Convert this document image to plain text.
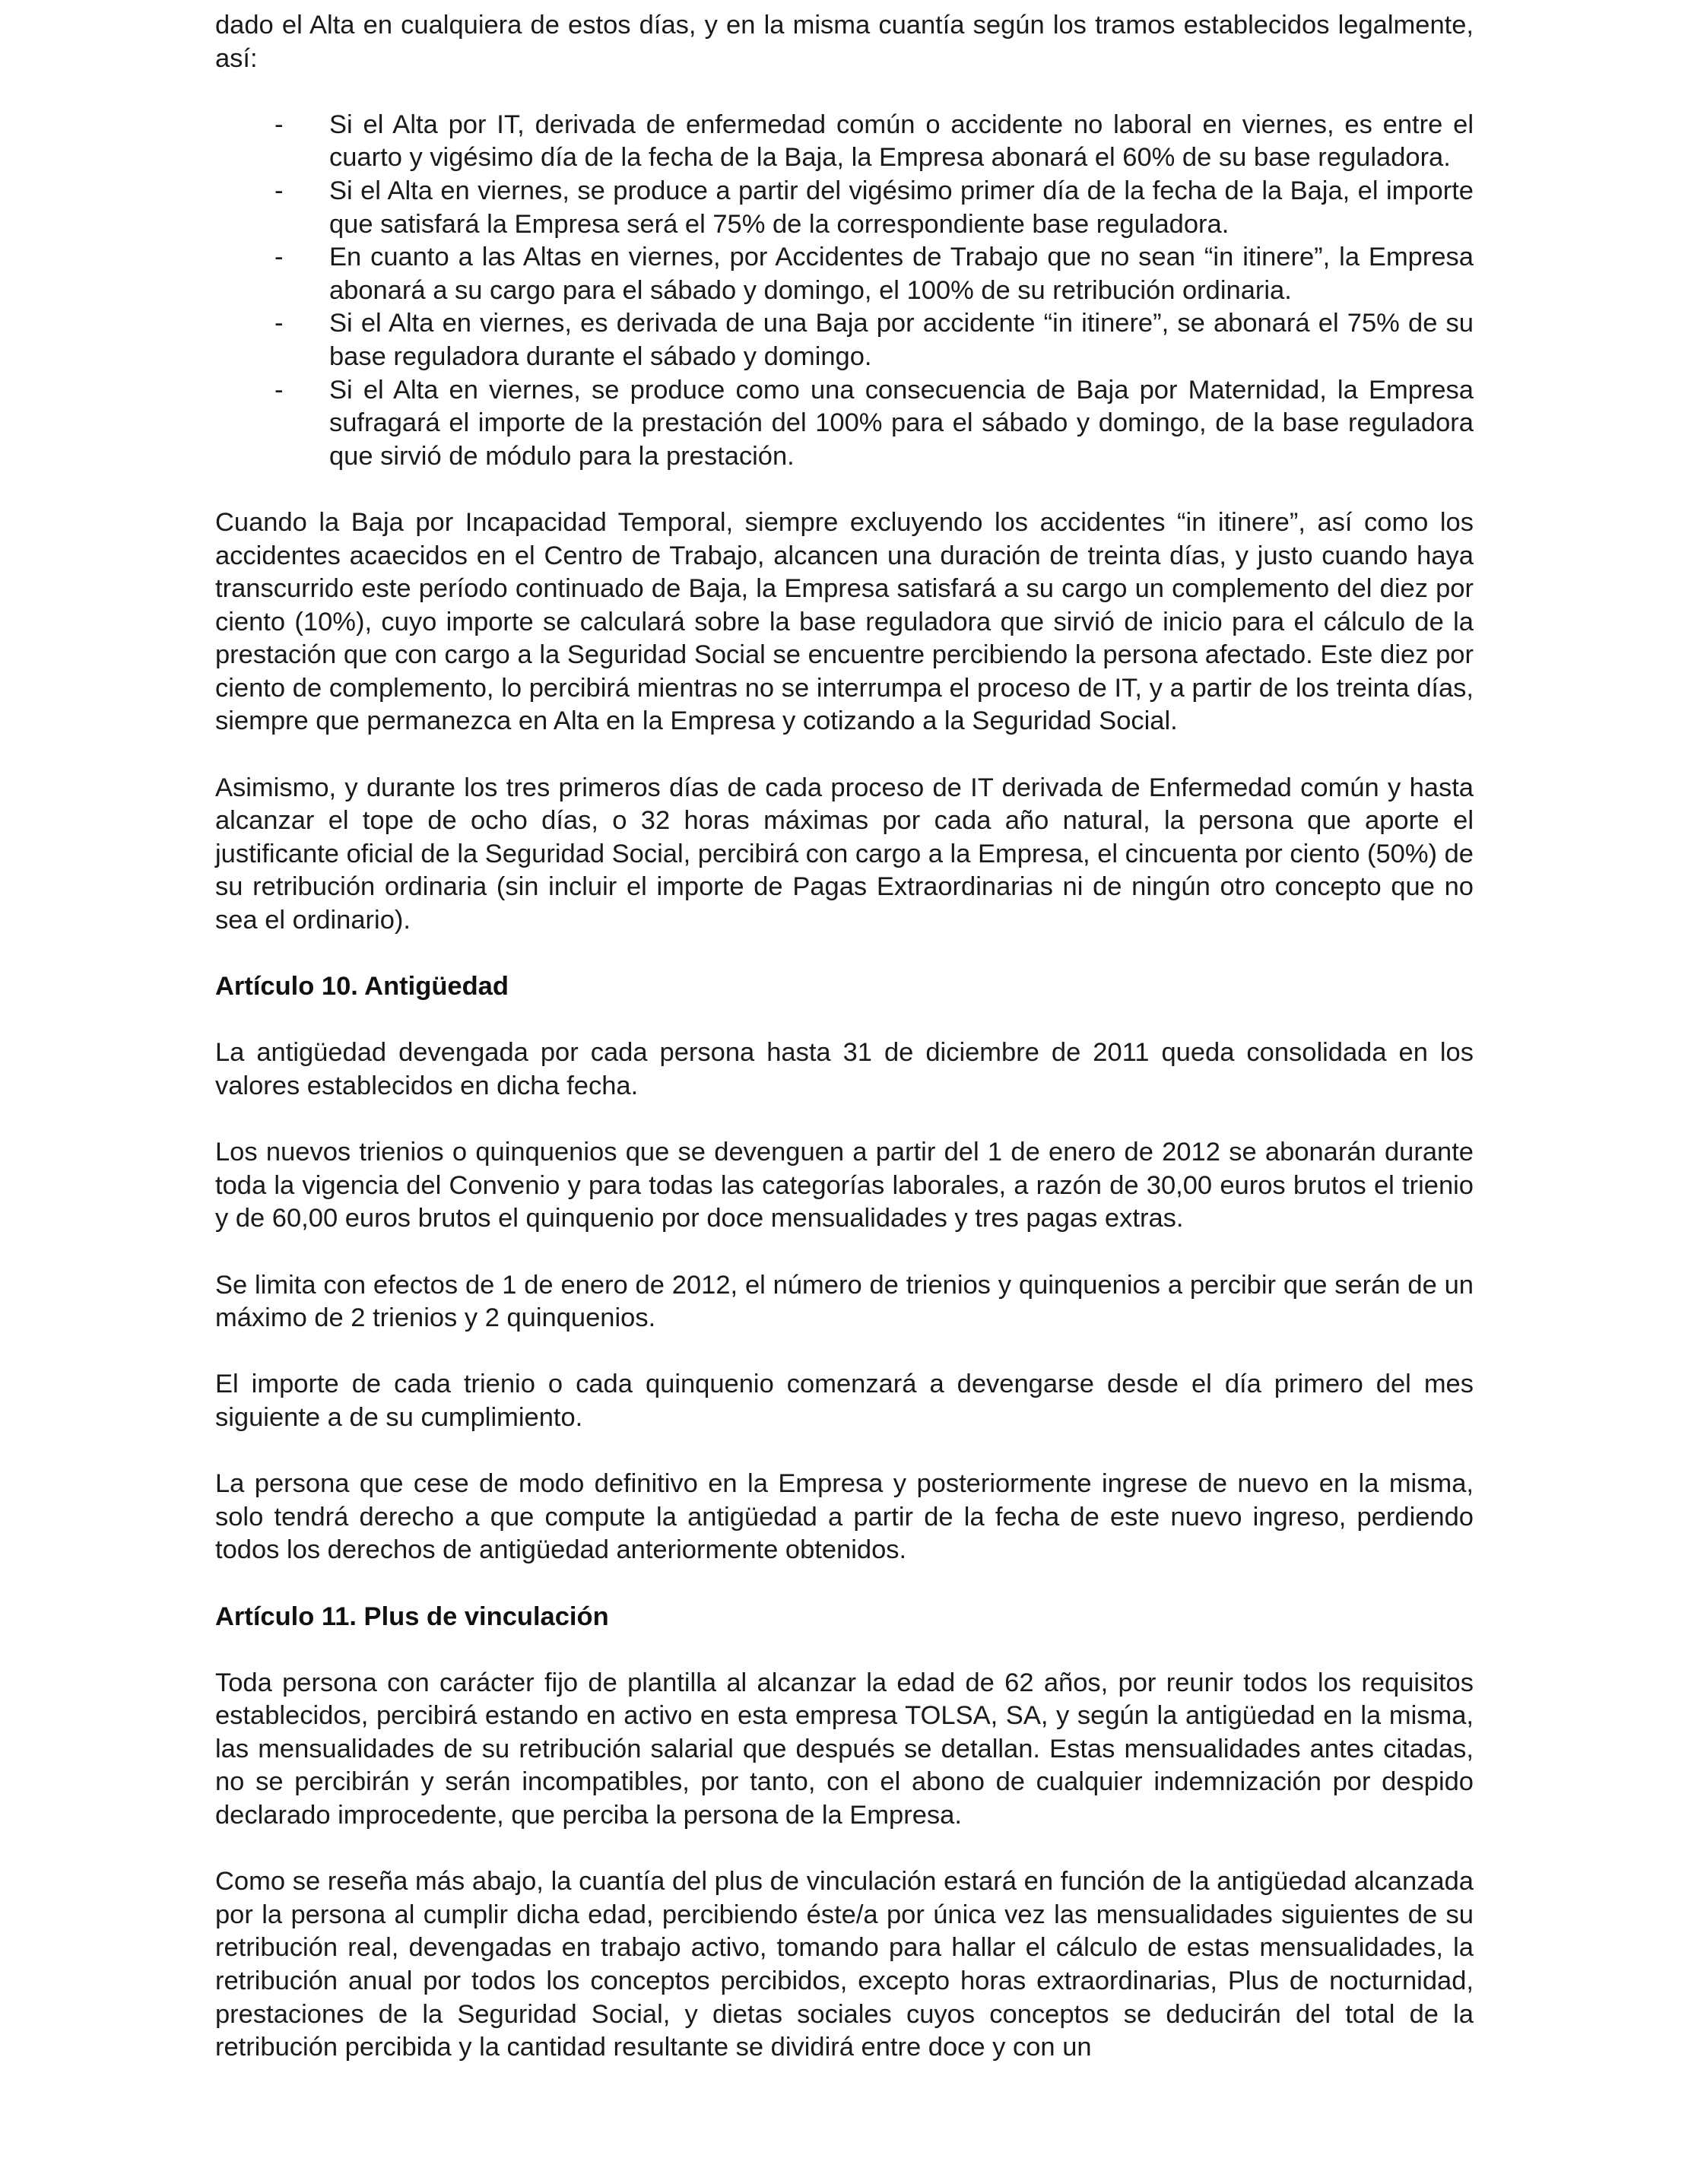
dado el Alta en cualquiera de estos días, y en la misma cuantía según los tramos establecidos legalmente, así:

- Si el Alta por IT, derivada de enfermedad común o accidente no laboral en viernes, es entre el cuarto y vigésimo día de la fecha de la Baja, la Empresa abonará el 60% de su base reguladora.
- Si el Alta en viernes, se produce a partir del vigésimo primer día de la fecha de la Baja, el importe que satisfará la Empresa será el 75% de la correspondiente base reguladora.
- En cuanto a las Altas en viernes, por Accidentes de Trabajo que no sean “in itinere”, la Empresa abonará a su cargo para el sábado y domingo, el 100% de su retribución ordinaria.
- Si el Alta en viernes, es derivada de una Baja por accidente “in itinere”, se abonará el 75% de su base reguladora durante el sábado y domingo.
- Si el Alta en viernes, se produce como una consecuencia de Baja por Maternidad, la Empresa sufragará el importe de la prestación del 100% para el sábado y domingo, de la base reguladora que sirvió de módulo para la prestación.

Cuando la Baja por Incapacidad Temporal, siempre excluyendo los accidentes “in itinere”, así como los accidentes acaecidos en el Centro de Trabajo, alcancen una duración de treinta días, y justo cuando haya transcurrido este período continuado de Baja, la Empresa satisfará a su cargo un complemento del diez por ciento (10%), cuyo importe se calculará sobre la base reguladora que sirvió de inicio para el cálculo de la prestación que con cargo a la Seguridad Social se encuentre percibiendo la persona afectado. Este diez por ciento de complemento, lo percibirá mientras no se interrumpa el proceso de IT, y a partir de los treinta días, siempre que permanezca en Alta en la Empresa y cotizando a la Seguridad Social.

Asimismo, y durante los tres primeros días de cada proceso de IT derivada de Enfermedad común y hasta alcanzar el tope de ocho días, o 32 horas máximas por cada año natural, la persona que aporte el justificante oficial de la Seguridad Social, percibirá con cargo a la Empresa, el cincuenta por ciento (50%) de su retribución ordinaria (sin incluir el importe de Pagas Extraordinarias ni de ningún otro concepto que no sea el ordinario).

Artículo 10. Antigüedad

La antigüedad devengada por cada persona hasta 31 de diciembre de 2011 queda consolidada en los valores establecidos en dicha fecha.

Los nuevos trienios o quinquenios que se devenguen a partir del 1 de enero de 2012 se abonarán durante toda la vigencia del Convenio y para todas las categorías laborales, a razón de 30,00 euros brutos el trienio y de 60,00 euros brutos el quinquenio por doce mensualidades y tres pagas extras.

Se limita con efectos de 1 de enero de 2012, el número de trienios y quinquenios a percibir que serán de un máximo de 2 trienios y 2 quinquenios.

El importe de cada trienio o cada quinquenio comenzará a devengarse desde el día primero del mes siguiente a de su cumplimiento.

La persona que cese de modo definitivo en la Empresa y posteriormente ingrese de nuevo en la misma, solo tendrá derecho a que compute la antigüedad a partir de la fecha de este nuevo ingreso, perdiendo todos los derechos de antigüedad anteriormente obtenidos.

Artículo 11. Plus de vinculación

Toda persona con carácter fijo de plantilla al alcanzar la edad de 62 años, por reunir todos los requisitos establecidos, percibirá estando en activo en esta empresa TOLSA, SA, y según la antigüedad en la misma, las mensualidades de su retribución salarial que después se detallan. Estas mensualidades antes citadas, no se percibirán y serán incompatibles, por tanto, con el abono de cualquier indemnización por despido declarado improcedente, que perciba la persona de la Empresa.

Como se reseña más abajo, la cuantía del plus de vinculación estará en función de la antigüedad alcanzada por la persona al cumplir dicha edad, percibiendo éste/a por única vez las mensualidades siguientes de su retribución real, devengadas en trabajo activo, tomando para hallar el cálculo de estas mensualidades, la retribución anual por todos los conceptos percibidos, excepto horas extraordinarias, Plus de nocturnidad, prestaciones de la Seguridad Social, y dietas sociales cuyos conceptos se deducirán del total de la retribución percibida y la cantidad resultante se dividirá entre doce y con un
